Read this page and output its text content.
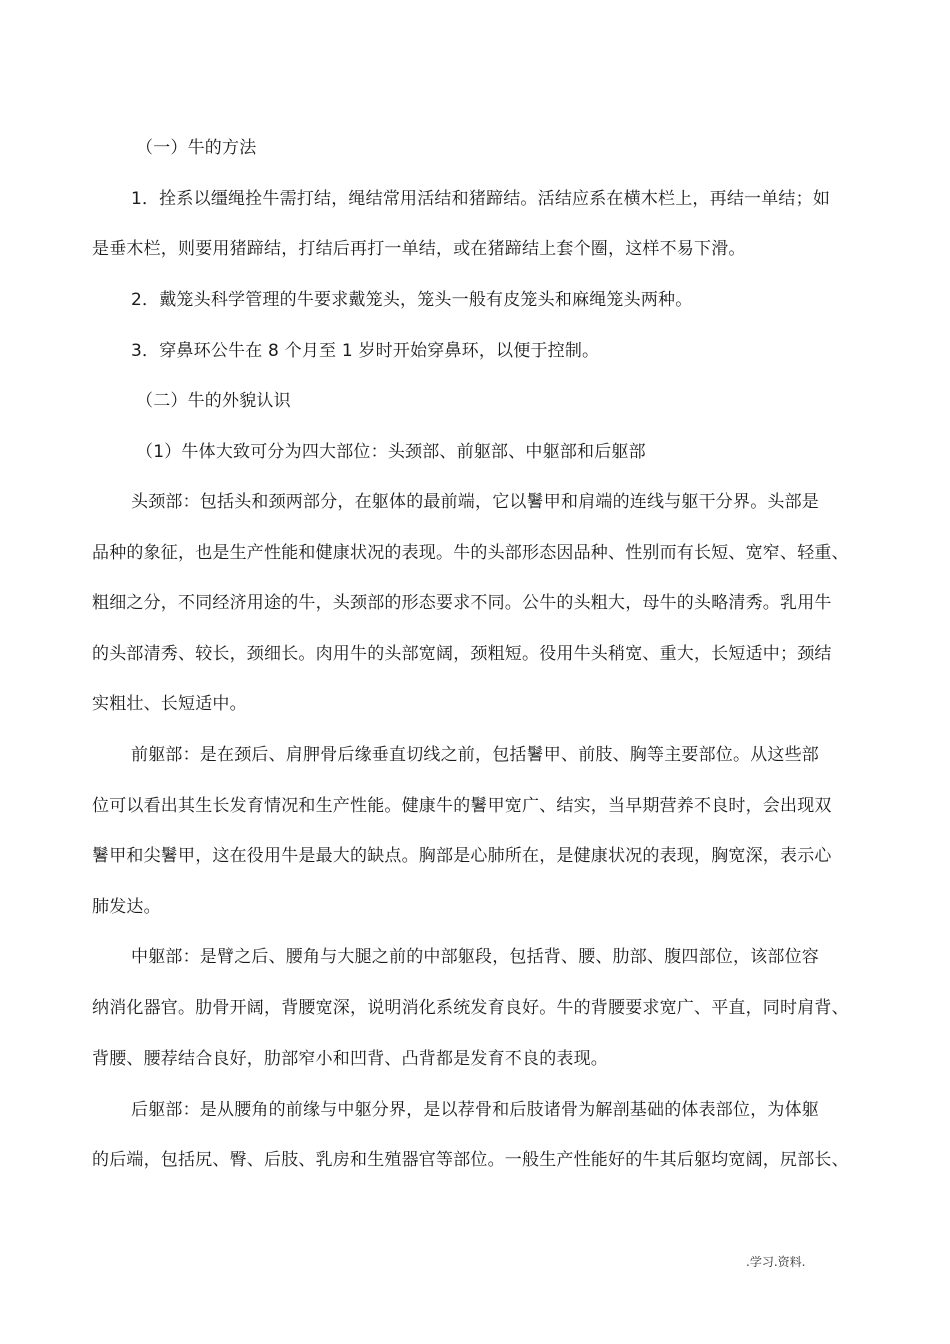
（一）牛的方法
1．拴系以缰绳拴牛需打结，绳结常用活结和猪蹄结。活结应系在横木栏上，再结一单结；如
是垂木栏，则要用猪蹄结，打结后再打一单结，或在猪蹄结上套个圈，这样不易下滑。
2．戴笼头科学管理的牛要求戴笼头，笼头一般有皮笼头和麻绳笼头两种。
3．穿鼻环公牛在 8 个月至 1 岁时开始穿鼻环，以便于控制。
（二）牛的外貌认识
（1）牛体大致可分为四大部位：头颈部、前躯部、中躯部和后躯部
头颈部：包括头和颈两部分，在躯体的最前端，它以鬐甲和肩端的连线与躯干分界。头部是
品种的象征，也是生产性能和健康状况的表现。牛的头部形态因品种、性别而有长短、宽窄、轻重、
粗细之分，不同经济用途的牛，头颈部的形态要求不同。公牛的头粗大，母牛的头略清秀。乳用牛
的头部清秀、较长，颈细长。肉用牛的头部宽阔，颈粗短。役用牛头稍宽、重大，长短适中；颈结
实粗壮、长短适中。
前躯部：是在颈后、肩胛骨后缘垂直切线之前，包括鬐甲、前肢、胸等主要部位。从这些部
位可以看出其生长发育情况和生产性能。健康牛的鬐甲宽广、结实，当早期营养不良时，会出现双
鬐甲和尖鬐甲，这在役用牛是最大的缺点。胸部是心肺所在，是健康状况的表现，胸宽深，表示心
肺发达。
中躯部：是臂之后、腰角与大腿之前的中部躯段，包括背、腰、肋部、腹四部位，该部位容
纳消化器官。肋骨开阔，背腰宽深，说明消化系统发育良好。牛的背腰要求宽广、平直，同时肩背、
背腰、腰荐结合良好，肋部窄小和凹背、凸背都是发育不良的表现。
后躯部：是从腰角的前缘与中躯分界，是以荐骨和后肢诸骨为解剖基础的体表部位，为体躯
的后端，包括尻、臀、后肢、乳房和生殖器官等部位。一般生产性能好的牛其后躯均宽阔，尻部长、
.学习.资料.
